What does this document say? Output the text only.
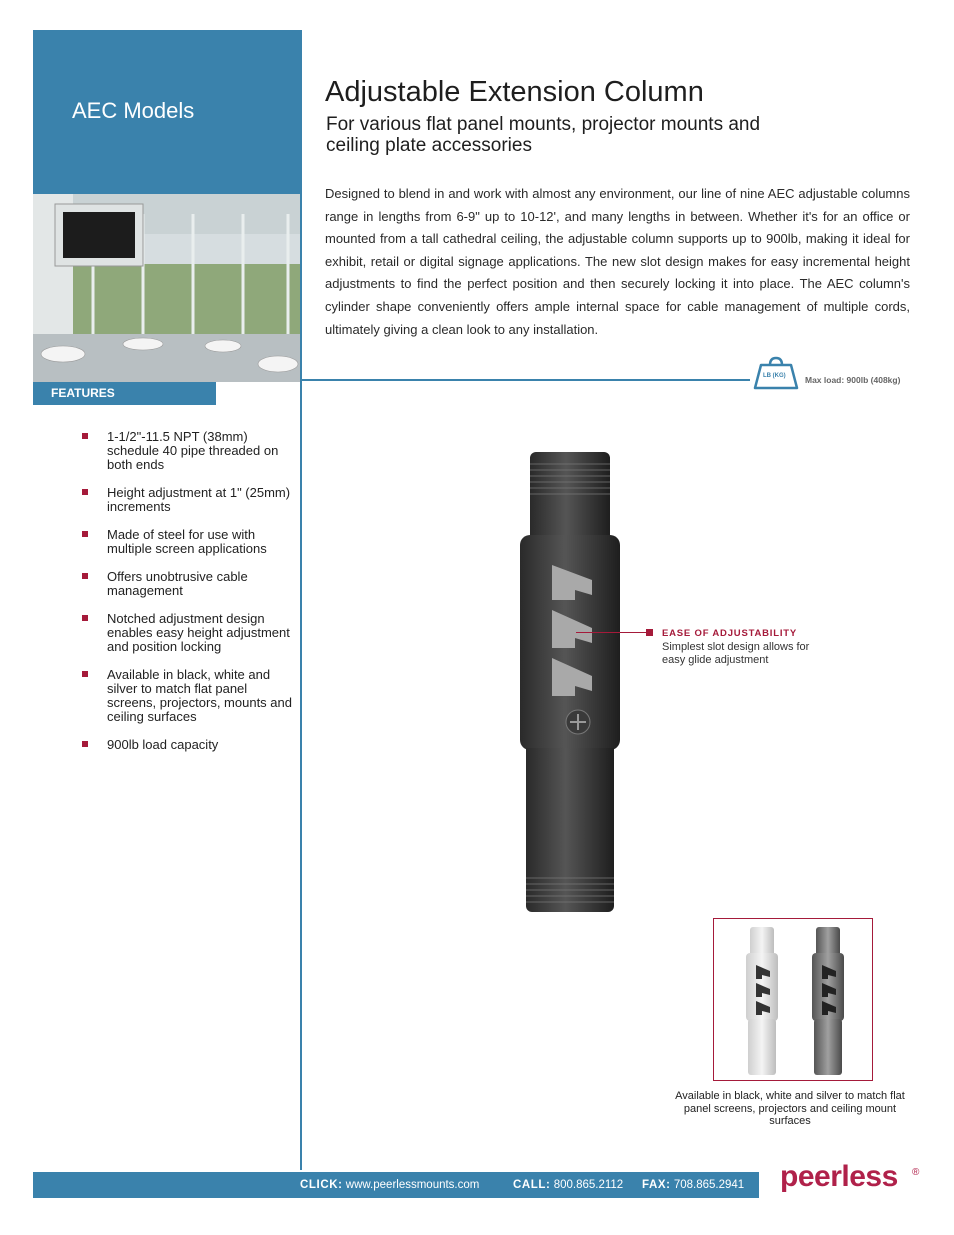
AEC Models
FEATURES
Adjustable Extension Column
For various flat panel mounts, projector mounts and ceiling plate accessories
Designed to blend in and work with almost any environment, our line of nine AEC adjustable columns range in lengths from 6-9" up to 10-12', and many lengths in between. Whether it's for an office or mounted from a tall cathedral ceiling, the adjustable column supports up to 900lb, making it ideal for exhibit, retail or digital signage applications. The new slot design makes for easy incremental height adjustments to find the perfect position and then securely locking it into place. The AEC column's cylinder shape conveniently offers ample internal space for cable management of multiple cords, ultimately giving a clean look to any installation.
LB (KG) Max load: 900lb (408kg)
1-1/2"-11.5 NPT (38mm) schedule 40 pipe threaded on both ends
Height adjustment at 1" (25mm) increments
Made of steel for use with multiple screen applications
Offers unobtrusive cable management
Notched adjustment design enables easy height adjustment and position locking
Available in black, white and silver to match flat panel screens, projectors, mounts and ceiling surfaces
900lb load capacity
EASE OF ADJUSTABILITY
Simplest slot design allows for easy glide adjustment
Available in black, white and silver to match flat panel screens, projectors and ceiling mount surfaces
CLICK: www.peerlessmounts.com	CALL: 800.865.2112 FAX: 708.865.2941 peerless ®
